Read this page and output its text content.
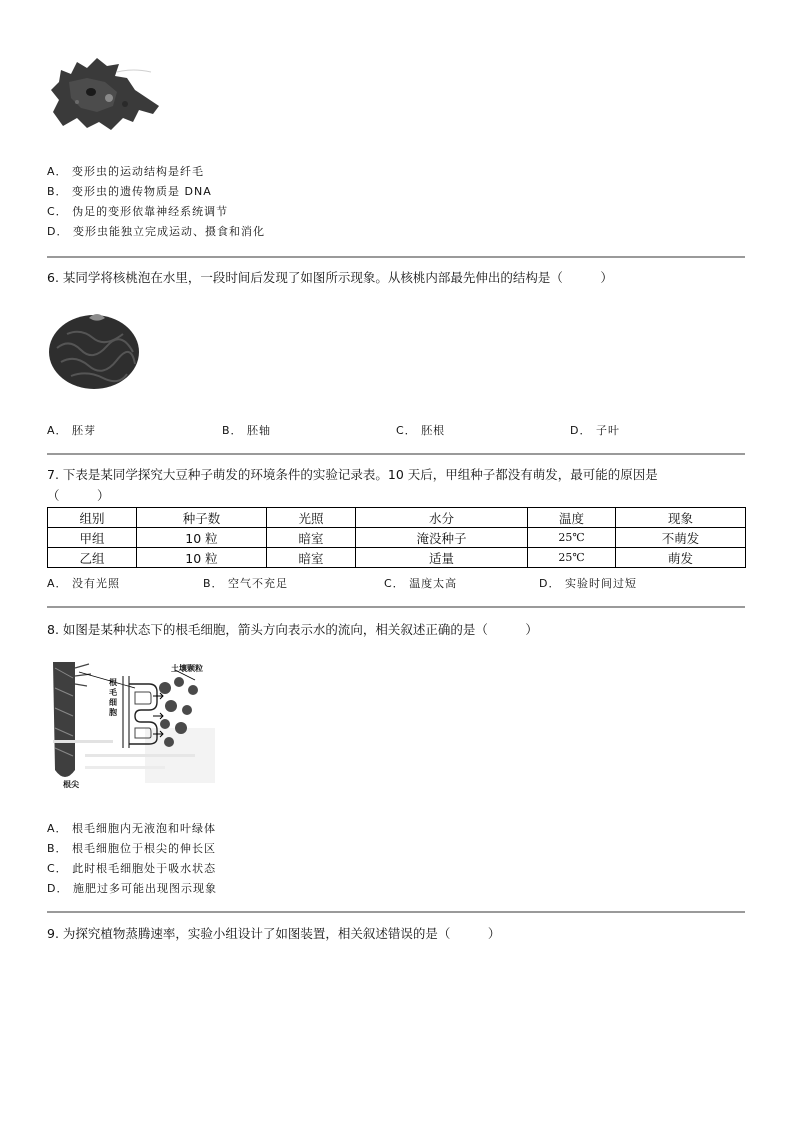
A． 变形虫的运动结构是纤毛
B． 变形虫的遗传物质是 DNA
C． 伪足的变形依靠神经系统调节
D． 变形虫能独立完成运动、摄食和消化
6. 某同学将核桃泡在水里，一段时间后发现了如图所示现象。从核桃内部最先伸出的结构是（　　　）
A． 胚芽	B． 胚轴	C． 胚根	D． 子叶
7. 下表是某同学探究大豆种子萌发的环境条件的实验记录表。10 天后，甲组种子都没有萌发，最可能的原因是
（　　　）
组别	种子数	光照	水分	温度	现象
甲组	10 粒	暗室	淹没种子	25℃	不萌发
乙组	10 粒	暗室	适量	25℃	萌发
A． 没有光照	B． 空气不充足	C． 温度太高	D． 实验时间过短
8. 如图是某种状态下的根毛细胞，箭头方向表示水的流向，相关叙述正确的是（　　　）
土壤颗粒
根毛细胞
根尖
A． 根毛细胞内无液泡和叶绿体
B． 根毛细胞位于根尖的伸长区
C． 此时根毛细胞处于吸水状态
D． 施肥过多可能出现图示现象
9. 为探究植物蒸腾速率，实验小组设计了如图装置，相关叙述错误的是（　　　）
